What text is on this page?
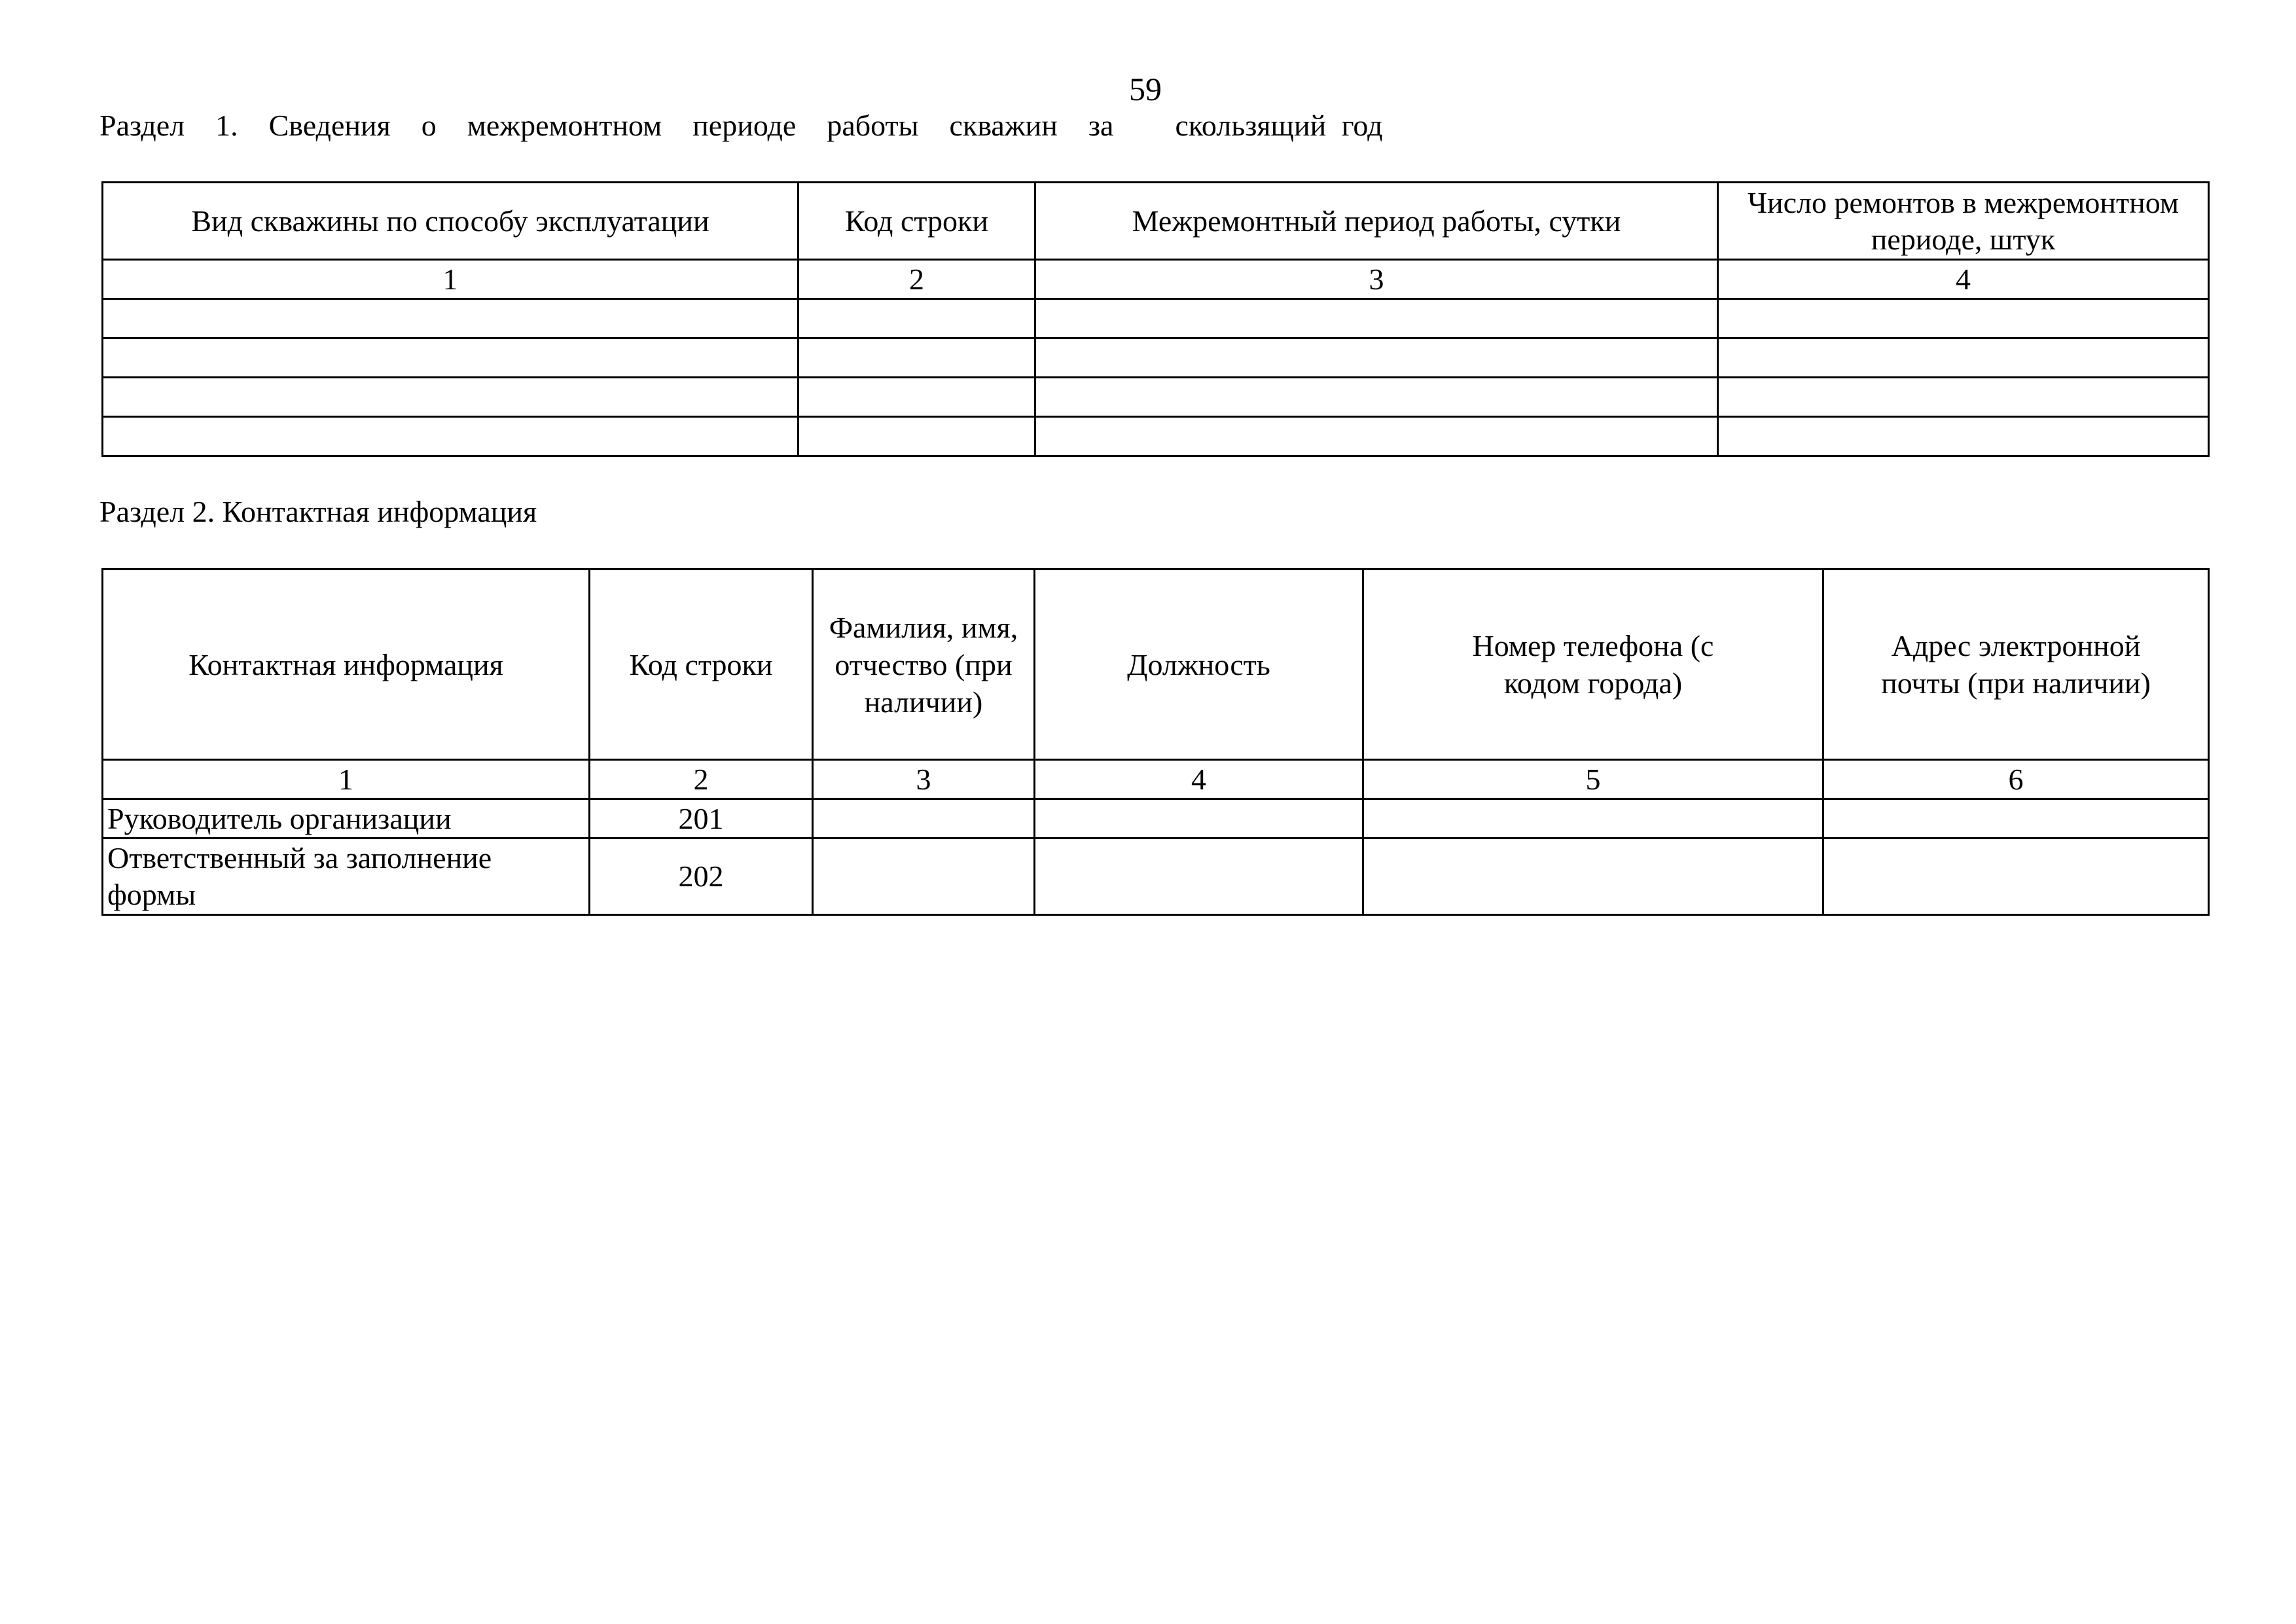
59
Раздел  1.  Сведения  о  межремонтном  периоде  работы  скважин  за    скользящий год
Вид скважины по способу эксплуатации	Код строки	Межремонтный период работы, сутки	Число ремонтов в межремонтном периоде, штук
1	2	3	4

Раздел 2. Контактная информация
Контактная информация	Код строки	Фамилия, имя, отчество (при наличии)	Должность	Номер телефона (с кодом города)	Адрес электронной почты (при наличии)
1	2	3	4	5	6
Руководитель организации	201				
Ответственный за заполнение формы	202				
